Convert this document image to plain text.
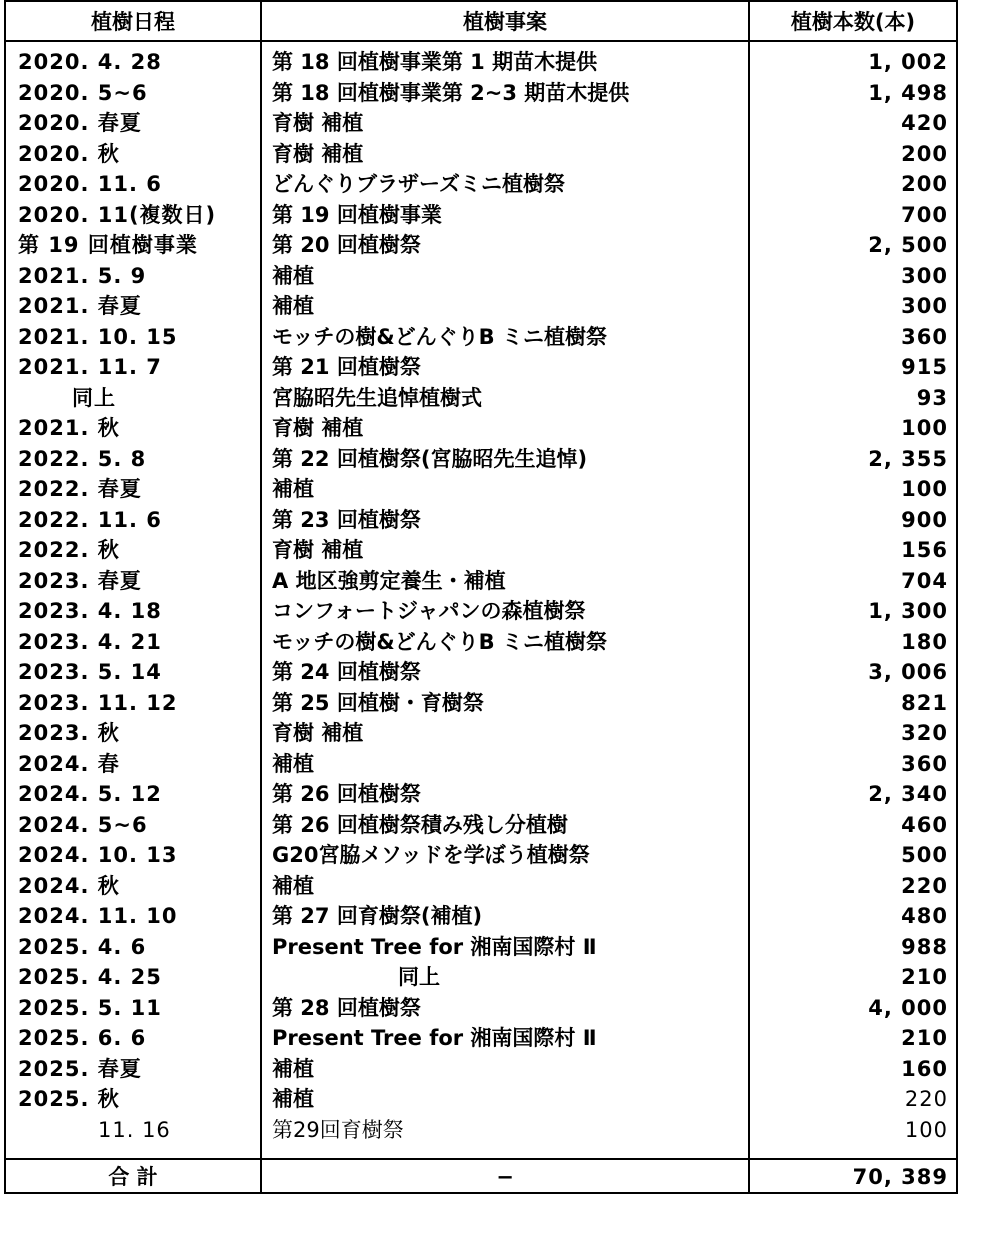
植樹日程	植樹事案	植樹本数(本)
2020. 4. 28	第 18 回植樹事業第 1 期苗木提供	1, 002
2020. 5~6	第 18 回植樹事業第 2~3 期苗木提供	1, 498
2020. 春夏	育樹 補植	420
2020. 秋	育樹 補植	200
2020. 11. 6	どんぐりブラザーズミニ植樹祭	200
2020. 11(複数日)	第 19 回植樹事業	700
第 19 回植樹事業	第 20 回植樹祭	2, 500
2021. 5. 9	補植	300
2021. 春夏	補植	300
2021. 10. 15	モッチの樹&どんぐりB ミニ植樹祭	360
2021. 11. 7	第 21 回植樹祭	915
同上	宮脇昭先生追悼植樹式	93
2021. 秋	育樹 補植	100
2022. 5. 8	第 22 回植樹祭(宮脇昭先生追悼)	2, 355
2022. 春夏	補植	100
2022. 11. 6	第 23 回植樹祭	900
2022. 秋	育樹 補植	156
2023. 春夏	A 地区強剪定養生・補植	704
2023. 4. 18	コンフォートジャパンの森植樹祭	1, 300
2023. 4. 21	モッチの樹&どんぐりB ミニ植樹祭	180
2023. 5. 14	第 24 回植樹祭	3, 006
2023. 11. 12	第 25 回植樹・育樹祭	821
2023. 秋	育樹 補植	320
2024. 春	補植	360
2024. 5. 12	第 26 回植樹祭	2, 340
2024. 5~6	第 26 回植樹祭積み残し分植樹	460
2024. 10. 13	G20宮脇メソッドを学ぼう植樹祭	500
2024. 秋	補植	220
2024. 11. 10	第 27 回育樹祭(補植)	480
2025. 4. 6	Present Tree for 湘南国際村 Ⅱ	988
2025. 4. 25	同上	210
2025. 5. 11	第 28 回植樹祭	4, 000
2025. 6. 6	Present Tree for 湘南国際村 Ⅱ	210
2025. 春夏	補植	160
2025. 秋	補植	220
11. 16	第29回育樹祭	100
合 計	−	70, 389
